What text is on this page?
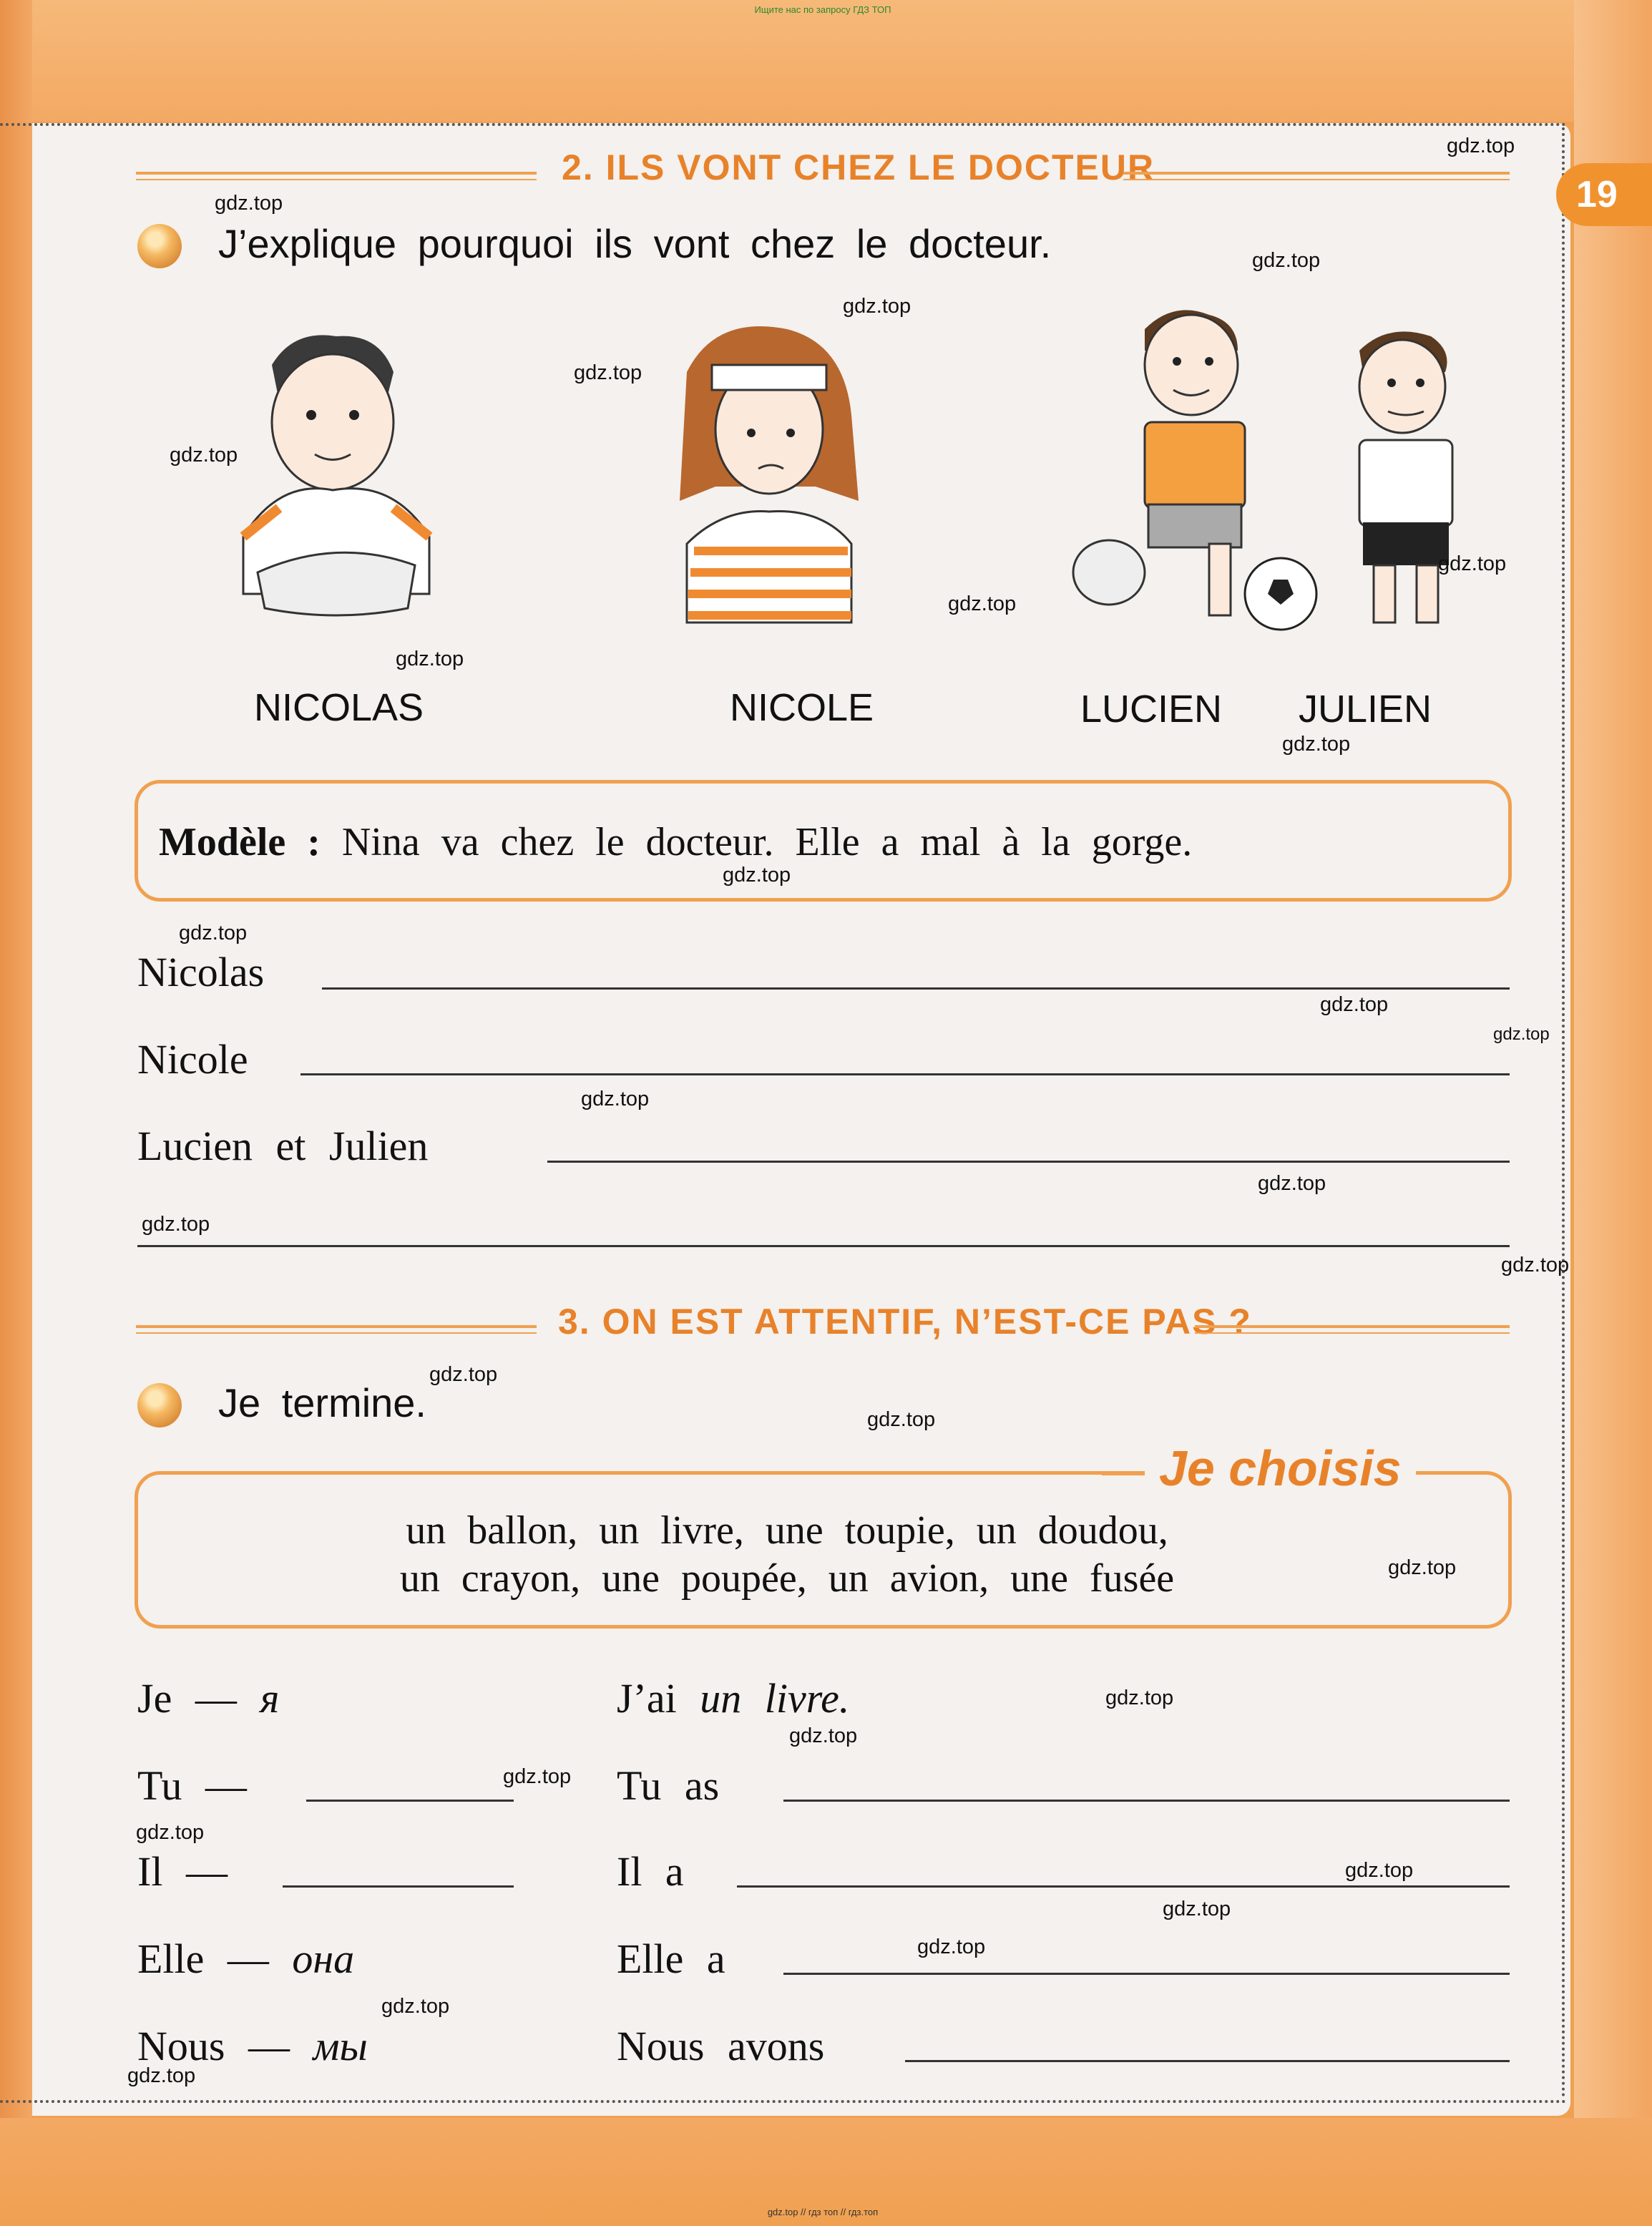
Ищите нас по запросу ГДЗ ТОП
gdz.top // гдз топ // гдз.топ
19
2. ILS VONT CHEZ LE DOCTEUR
J’explique pourquoi ils vont chez le docteur.
NICOLAS	NICOLE	LUCIEN JULIEN
Modèle : Nina va chez le docteur. Elle a mal à la gorge.
Nicolas
Nicole
Lucien et Julien
3. ON EST ATTENTIF, N’EST-CE PAS ?
Je termine.
Je choisis
un ballon, un livre, une toupie, un doudou,
un crayon, une poupée, un avion, une fusée
Je — я	J’ai un livre.
Tu —	Tu as
Il —	Il a
Elle — она	Elle a
Nous — мы	Nous avons
gdz.top
gdz.top
gdz.top
gdz.top
gdz.top
gdz.top
gdz.top
gdz.top
gdz.top
gdz.top
gdz.top
gdz.top
gdz.top
gdz.top
gdz.top
gdz.top
gdz.top
gdz.top
gdz.top
gdz.top
gdz.top
gdz.top
gdz.top
gdz.top
gdz.top
gdz.top
gdz.top
gdz.top
gdz.top
gdz.top
